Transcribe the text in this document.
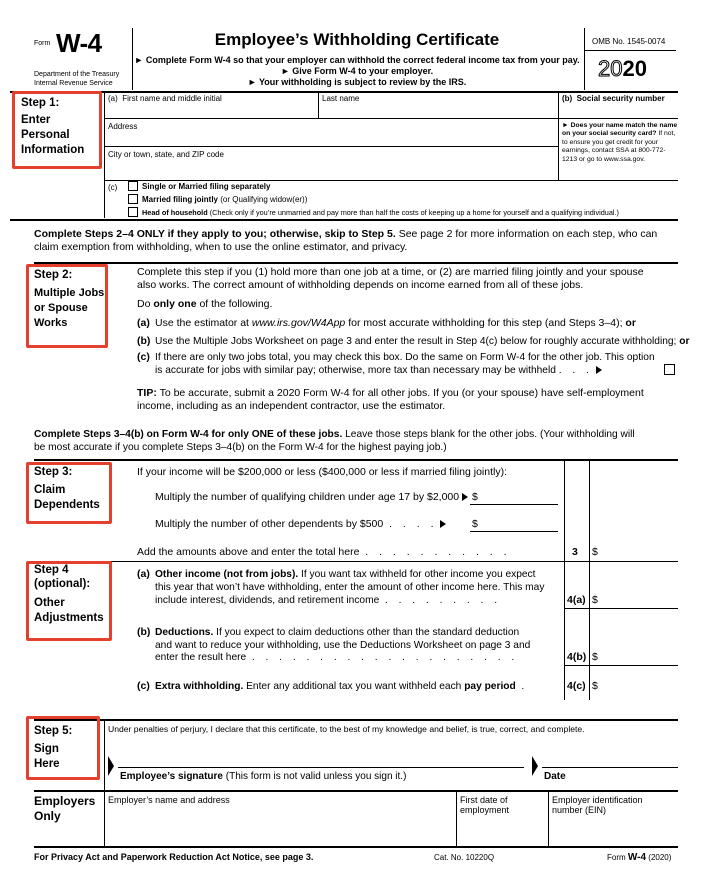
Form W-4
Department of the Treasury
Internal Revenue Service
Employee’s Withholding Certificate
► Complete Form W-4 so that your employer can withhold the correct federal income tax from your pay.
► Give Form W-4 to your employer.
► Your withholding is subject to review by the IRS.
OMB No. 1545-0074
2020
Step 1:
Enter
Personal
Information
(a) First name and middle initial	Last name	(b) Social security number
Address
City or town, state, and ZIP code
► Does your name match the name on your social security card? If not, to ensure you get credit for your earnings, contact SSA at 800-772-1213 or go to www.ssa.gov.
(c)	Single or Married filing separately
Married filing jointly (or Qualifying widow(er))
Head of household (Check only if you’re unmarried and pay more than half the costs of keeping up a home for yourself and a qualifying individual.)
Complete Steps 2–4 ONLY if they apply to you; otherwise, skip to Step 5. See page 2 for more information on each step, who can
claim exemption from withholding, when to use the online estimator, and privacy.
Step 2:
Multiple Jobs
or Spouse
Works
Complete this step if you (1) hold more than one job at a time, or (2) are married filing jointly and your spouse
also works. The correct amount of withholding depends on income earned from all of these jobs.
Do only one of the following.
(a) Use the estimator at www.irs.gov/W4App for most accurate withholding for this step (and Steps 3–4); or
(b) Use the Multiple Jobs Worksheet on page 3 and enter the result in Step 4(c) below for roughly accurate withholding; or
(c) If there are only two jobs total, you may check this box. Do the same on Form W-4 for the other job. This option
is accurate for jobs with similar pay; otherwise, more tax than necessary may be withheld . . .
TIP: To be accurate, submit a 2020 Form W-4 for all other jobs. If you (or your spouse) have self-employment
income, including as an independent contractor, use the estimator.
Complete Steps 3–4(b) on Form W-4 for only ONE of these jobs. Leave those steps blank for the other jobs. (Your withholding will
be most accurate if you complete Steps 3–4(b) on the Form W-4 for the highest paying job.)
Step 3:
Claim
Dependents
If your income will be $200,000 or less ($400,000 or less if married filing jointly):
Multiply the number of qualifying children under age 17 by $2,000	$
Multiply the number of other dependents by $500 . . . .	$
Add the amounts above and enter the total here . . . . . . . . . . .	3 $
Step 4
(optional):
Other
Adjustments
(a) Other income (not from jobs). If you want tax withheld for other income you expect
this year that won’t have withholding, enter the amount of other income here. This may
include interest, dividends, and retirement income . . . . . . . . .	4(a) $
(b) Deductions. If you expect to claim deductions other than the standard deduction
and want to reduce your withholding, use the Deductions Worksheet on page 3 and
enter the result here . . . . . . . . . . . . . . . . . . . .	4(b) $
(c) Extra withholding. Enter any additional tax you want withheld each pay period .	4(c) $
Step 5:
Sign
Here
Under penalties of perjury, I declare that this certificate, to the best of my knowledge and belief, is true, correct, and complete.
Employee’s signature (This form is not valid unless you sign it.)	Date
Employers
Only
Employer’s name and address	First date of
employment
Employer identification
number (EIN)
For Privacy Act and Paperwork Reduction Act Notice, see page 3.	Cat. No. 10220Q	Form W-4 (2020)
